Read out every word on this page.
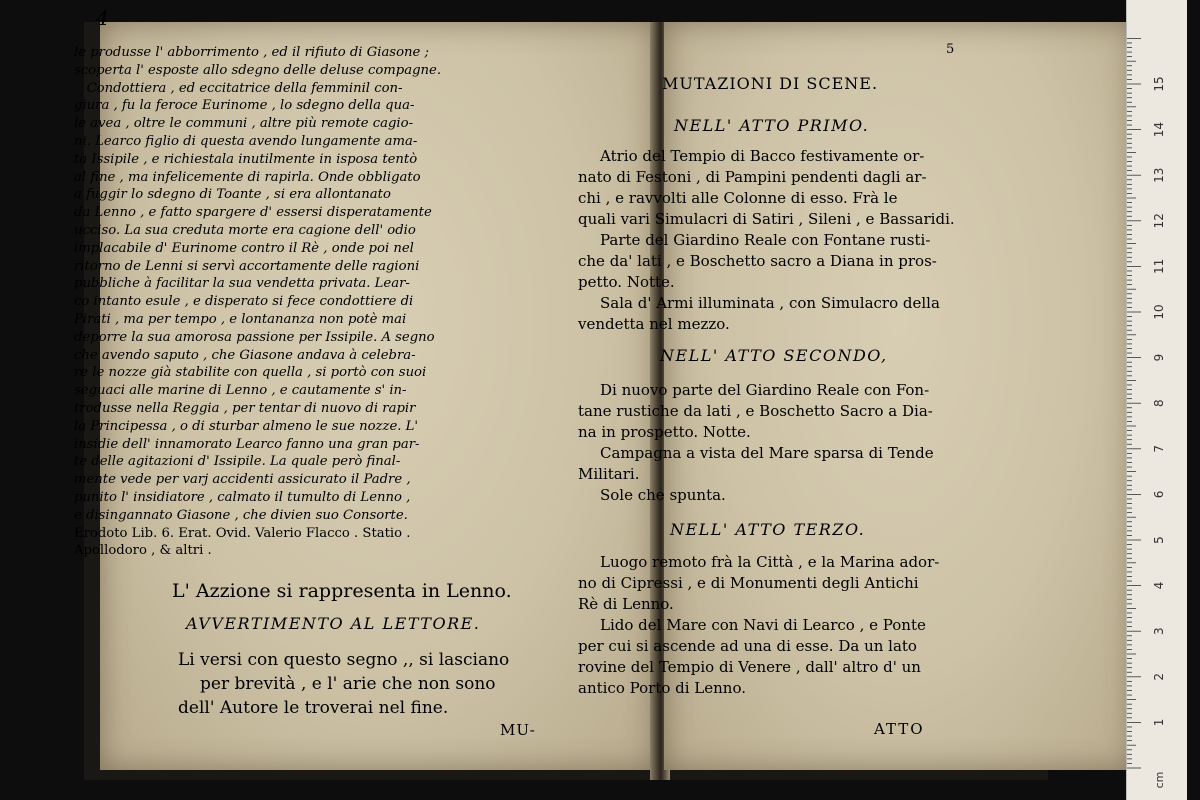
4
le produsse l' abborrimento , ed il rifiuto di Giasone ;
scoperta l' esposte allo sdegno delle deluse compagne.
Condottiera , ed eccitatrice della femminil con-
giura , fu la feroce Eurinome , lo sdegno della qua-
le avea , oltre le communi , altre più remote cagio-
ni. Learco figlio di questa avendo lungamente ama-
ta Issipile , e richiestala inutilmente in isposa tentò
al fine , ma infelicemente di rapirla. Onde obbligato
a fuggir lo sdegno di Toante , si era allontanato
da Lenno , e fatto spargere d' essersi disperatamente
ucciso. La sua creduta morte era cagione dell' odio
implacabile d' Eurinome contro il Rè , onde poi nel
ritorno de Lenni si servì accortamente delle ragioni
pubbliche à facilitar la sua vendetta privata. Lear-
co intanto esule , e disperato si fece condottiere di
Pirati , ma per tempo , e lontananza non potè mai
deporre la sua amorosa passione per Issipile. A segno
che avendo saputo , che Giasone andava à celebra-
re le nozze già stabilite con quella , si portò con suoi
seguaci alle marine di Lenno , e cautamente s' in-
trodusse nella Reggia , per tentar di nuovo di rapir
la Principessa , o di sturbar almeno le sue nozze. L'
insidie dell' innamorato Learco fanno una gran par-
te delle agitazioni d' Issipile. La quale però final-
mente vede per varj accidenti assicurato il Padre ,
punito l' insidiatore , calmato il tumulto di Lenno ,
e disingannato Giasone , che divien suo Consorte.
Erodoto Lib. 6. Erat. Ovid. Valerio Flacco . Statio .
Apollodoro , & altri .
L' Azzione si rappresenta in Lenno.
AVVERTIMENTO AL LETTORE.
Li versi con questo segno ,, si lasciano
per brevità , e l' arie che non sono
dell' Autore le troverai nel fine.
MU-
MUTAZIONI DI SCENE.
5
NELL' ATTO PRIMO.
Atrio del Tempio di Bacco festivamente or-
nato di Festoni , di Pampini pendenti dagli ar-
chi , e ravvolti alle Colonne di esso. Frà le
quali vari Simulacri di Satiri , Sileni , e Bassaridi.
Parte del Giardino Reale con Fontane rusti-
che da' lati , e Boschetto sacro a Diana in pros-
petto. Notte.
Sala d' Armi illuminata , con Simulacro della
vendetta nel mezzo.
NELL' ATTO SECONDO,
Di nuovo parte del Giardino Reale con Fon-
tane rustiche da lati , e Boschetto Sacro a Dia-
na in prospetto. Notte.
Campagna a vista del Mare sparsa di Tende
Militari.
Sole che spunta.
NELL' ATTO TERZO.
Luogo remoto frà la Città , e la Marina ador-
no di Cipressi , e di Monumenti degli Antichi
Rè di Lenno.
Lido del Mare con Navi di Learco , e Ponte
per cui si ascende ad una di esse. Da un lato
rovine del Tempio di Venere , dall' altro d' un
antico Porto di Lenno.
ATTO	1
2
3
4
5
6
7
8
9
10
11
12
13
14
15
cm
